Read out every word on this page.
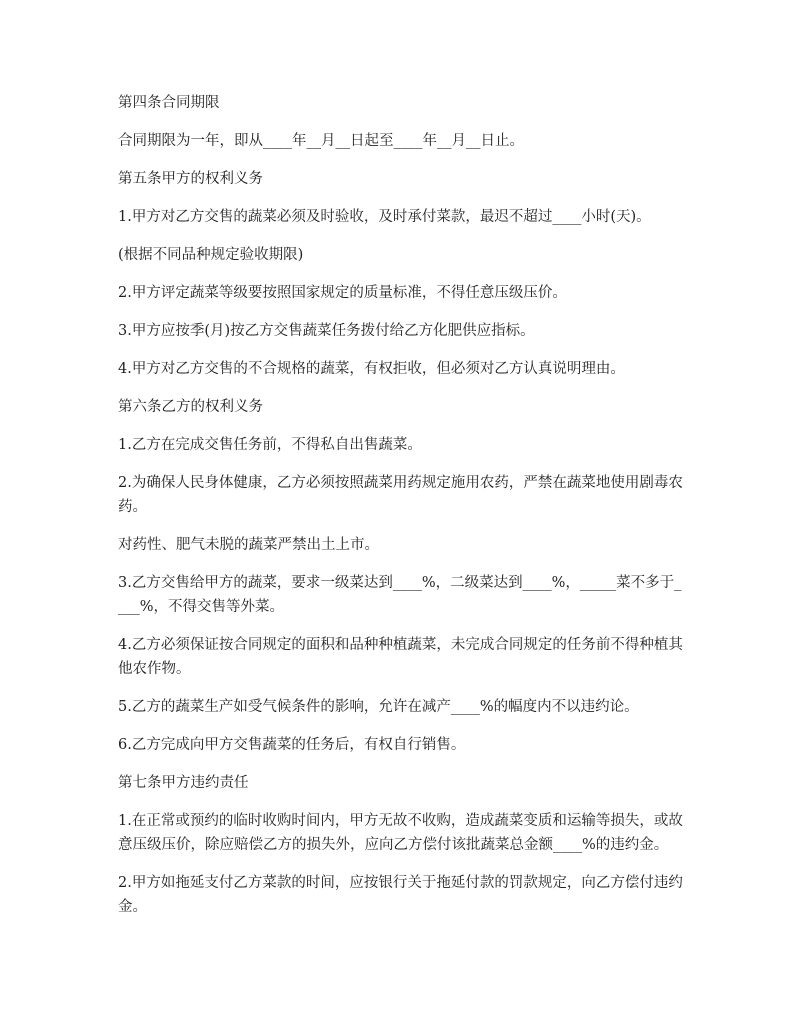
第四条合同期限

合同期限为一年，即从____年__月__日起至____年__月__日止。

第五条甲方的权利义务

1.甲方对乙方交售的蔬菜必须及时验收，及时承付菜款，最迟不超过____小时(天)。

(根据不同品种规定验收期限)

2.甲方评定蔬菜等级要按照国家规定的质量标准，不得任意压级压价。

3.甲方应按季(月)按乙方交售蔬菜任务拨付给乙方化肥供应指标。

4.甲方对乙方交售的不合规格的蔬菜，有权拒收，但必须对乙方认真说明理由。

第六条乙方的权利义务

1.乙方在完成交售任务前，不得私自出售蔬菜。

2.为确保人民身体健康，乙方必须按照蔬菜用药规定施用农药，严禁在蔬菜地使用剧毒农药。

对药性、肥气未脱的蔬菜严禁出土上市。

3.乙方交售给甲方的蔬菜，要求一级菜达到____%，二级菜达到____%，_____菜不多于____%，不得交售等外菜。

4.乙方必须保证按合同规定的面积和品种种植蔬菜，未完成合同规定的任务前不得种植其他农作物。

5.乙方的蔬菜生产如受气候条件的影响，允许在减产____%的幅度内不以违约论。

6.乙方完成向甲方交售蔬菜的任务后，有权自行销售。

第七条甲方违约责任

1.在正常或预约的临时收购时间内，甲方无故不收购，造成蔬菜变质和运输等损失，或故意压级压价，除应赔偿乙方的损失外，应向乙方偿付该批蔬菜总金额____%的违约金。

2.甲方如拖延支付乙方菜款的时间，应按银行关于拖延付款的罚款规定，向乙方偿付违约金。
